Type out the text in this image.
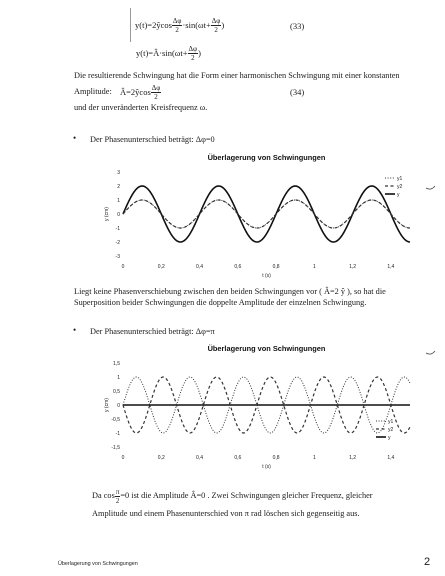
y(t)=2ŷcos $\frac{\Delta\varphi}{2} \cdot\sin(\omega t+ \frac{\Delta\varphi}{2}$ )	(33)
y(t)=Â·sin(ωt+ $\frac{\Delta\varphi}{2}$ )
Die resultierende Schwingung hat die Form einer harmonischen Schwingung mit einer konstanten
Amplitude: Â=2ŷcos $\frac{\Delta\varphi}{2}$	(34)
und der unveränderten Kreisfrequenz ω.
• Der Phasenunterschied beträgt: Δφ=0
Überlagerung von Schwingungen
3
2
1
0
-1
-2
-3
0	0,2	0,4	0,6	0,8	1	1,2	1,4
t (s)
y (cm)
y1
y2
y
Liegt keine Phasenverschiebung zwischen den beiden Schwingungen vor ( Â=2 ŷ ), so hat die
Superposition beider Schwingungen die doppelte Amplitude der einzelnen Schwingung.
• Der Phasenunterschied beträgt: Δφ=π
Überlagerung von Schwingungen
1,5
1
0,5
0
-0,5
-1
-1,5
0	0,2	0,4	0,6	0,8	1	1,2	1,4
t (s)
y (cm)
y1
y2
y
Da $\cos \frac{\pi}{2} =0$ ist die Amplitude Â=0 . Zwei Schwingungen gleicher Frequenz, gleicher
Amplitude und einem Phasenunterschied von π rad löschen sich gegenseitig aus.
Überlagerung von Schwingungen	2
